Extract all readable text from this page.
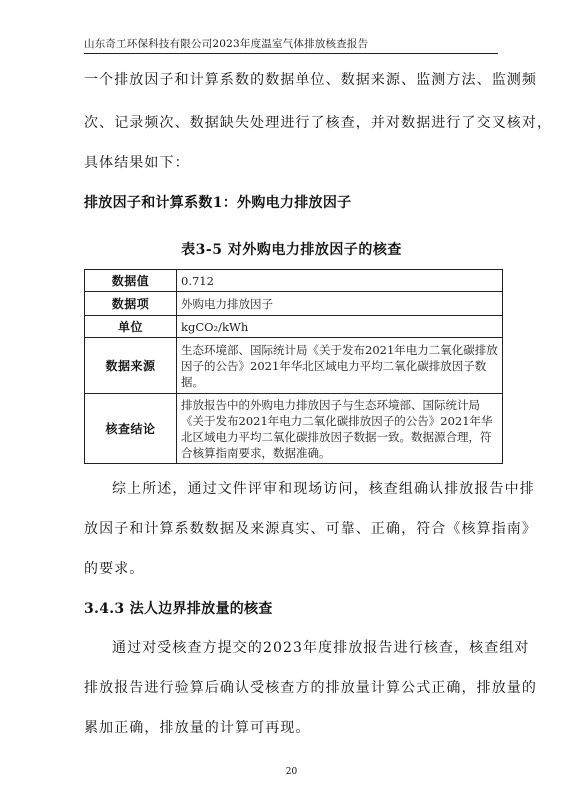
山东奇工环保科技有限公司2023年度温室气体排放核查报告
一个排放因子和计算系数的数据单位、数据来源、监测方法、监测频
次、记录频次、数据缺失处理进行了核查，并对数据进行了交叉核对，
具体结果如下：
排放因子和计算系数1：外购电力排放因子
表3-5 对外购电力排放因子的核查
数据值	0.712
数据项	外购电力排放因子
单位	kgCO₂/kWh
数据来源	生态环境部、国际统计局《关于发布2021年电力二氧化碳排放因子的公告》2021年华北区域电力平均二氧化碳排放因子数据。
核查结论	排放报告中的外购电力排放因子与生态环境部、国际统计局《关于发布2021年电力二氧化碳排放因子的公告》2021年华北区域电力平均二氧化碳排放因子数据一致。数据源合理，符合核算指南要求，数据准确。
综上所述，通过文件评审和现场访问，核查组确认排放报告中排
放因子和计算系数数据及来源真实、可靠、正确，符合《核算指南》
的要求。
3.4.3 法人边界排放量的核查
通过对受核查方提交的2023年度排放报告进行核查，核查组对
排放报告进行验算后确认受核查方的排放量计算公式正确，排放量的
累加正确，排放量的计算可再现。
20
